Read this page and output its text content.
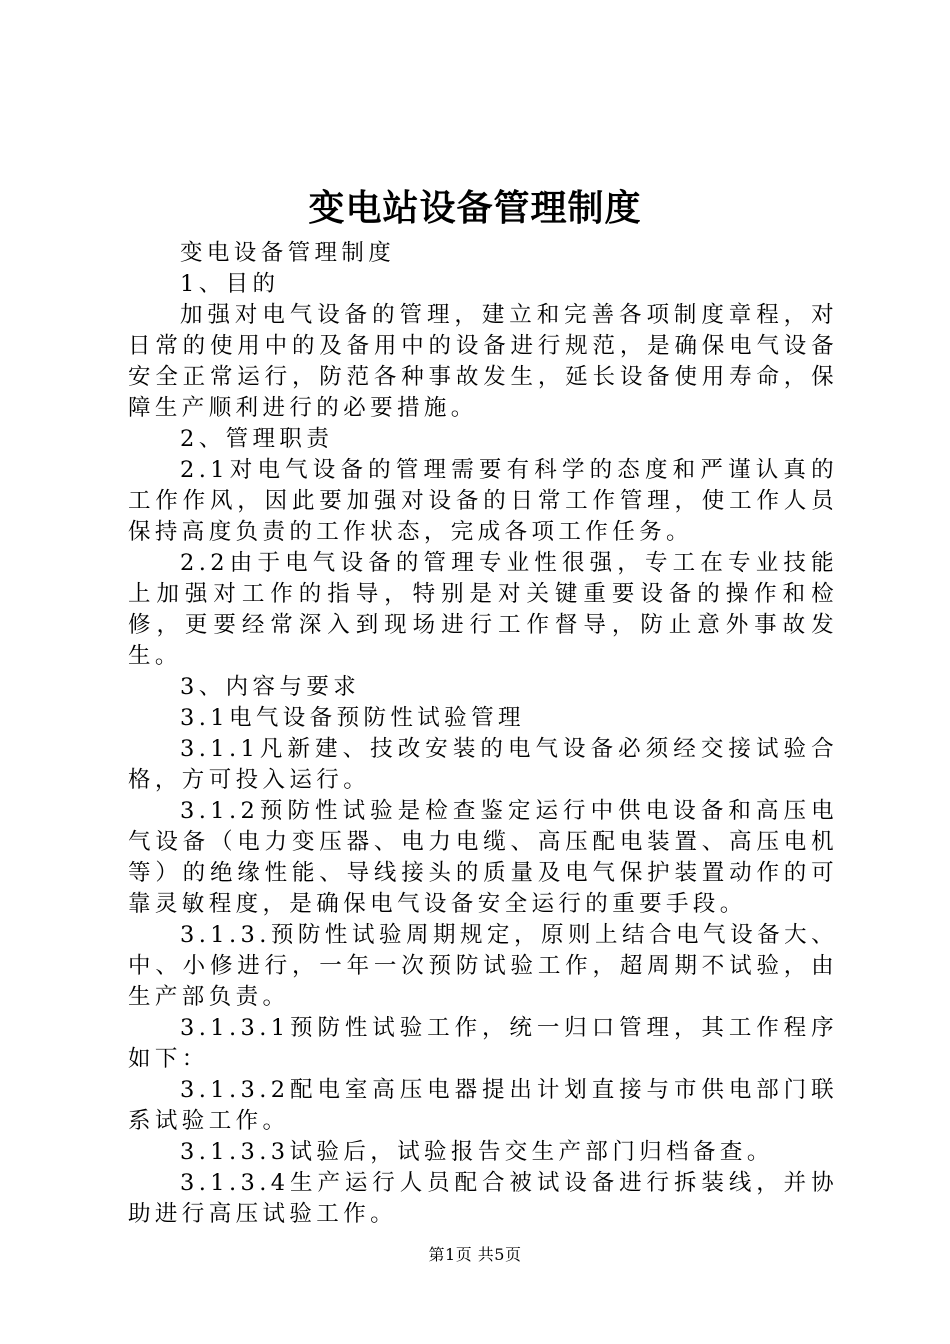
变电站设备管理制度

变电设备管理制度

1、目的

加强对电气设备的管理，建立和完善各项制度章程，对日常的使用中的及备用中的设备进行规范，是确保电气设备安全正常运行，防范各种事故发生，延长设备使用寿命，保障生产顺利进行的必要措施。

2、管理职责

2.1对电气设备的管理需要有科学的态度和严谨认真的工作作风，因此要加强对设备的日常工作管理，使工作人员保持高度负责的工作状态，完成各项工作任务。

2.2由于电气设备的管理专业性很强，专工在专业技能上加强对工作的指导，特别是对关键重要设备的操作和检修，更要经常深入到现场进行工作督导，防止意外事故发生。

3、内容与要求

3.1电气设备预防性试验管理

3.1.1凡新建、技改安装的电气设备必须经交接试验合格，方可投入运行。

3.1.2预防性试验是检查鉴定运行中供电设备和高压电气设备（电力变压器、电力电缆、高压配电装置、高压电机等）的绝缘性能、导线接头的质量及电气保护装置动作的可靠灵敏程度，是确保电气设备安全运行的重要手段。

3.1.3.预防性试验周期规定，原则上结合电气设备大、中、小修进行，一年一次预防试验工作，超周期不试验，由生产部负责。

3.1.3.1预防性试验工作，统一归口管理，其工作程序如下：

3.1.3.2配电室高压电器提出计划直接与市供电部门联系试验工作。

3.1.3.3试验后，试验报告交生产部门归档备查。

3.1.3.4生产运行人员配合被试设备进行拆装线，并协助进行高压试验工作。

第1页 共5页
